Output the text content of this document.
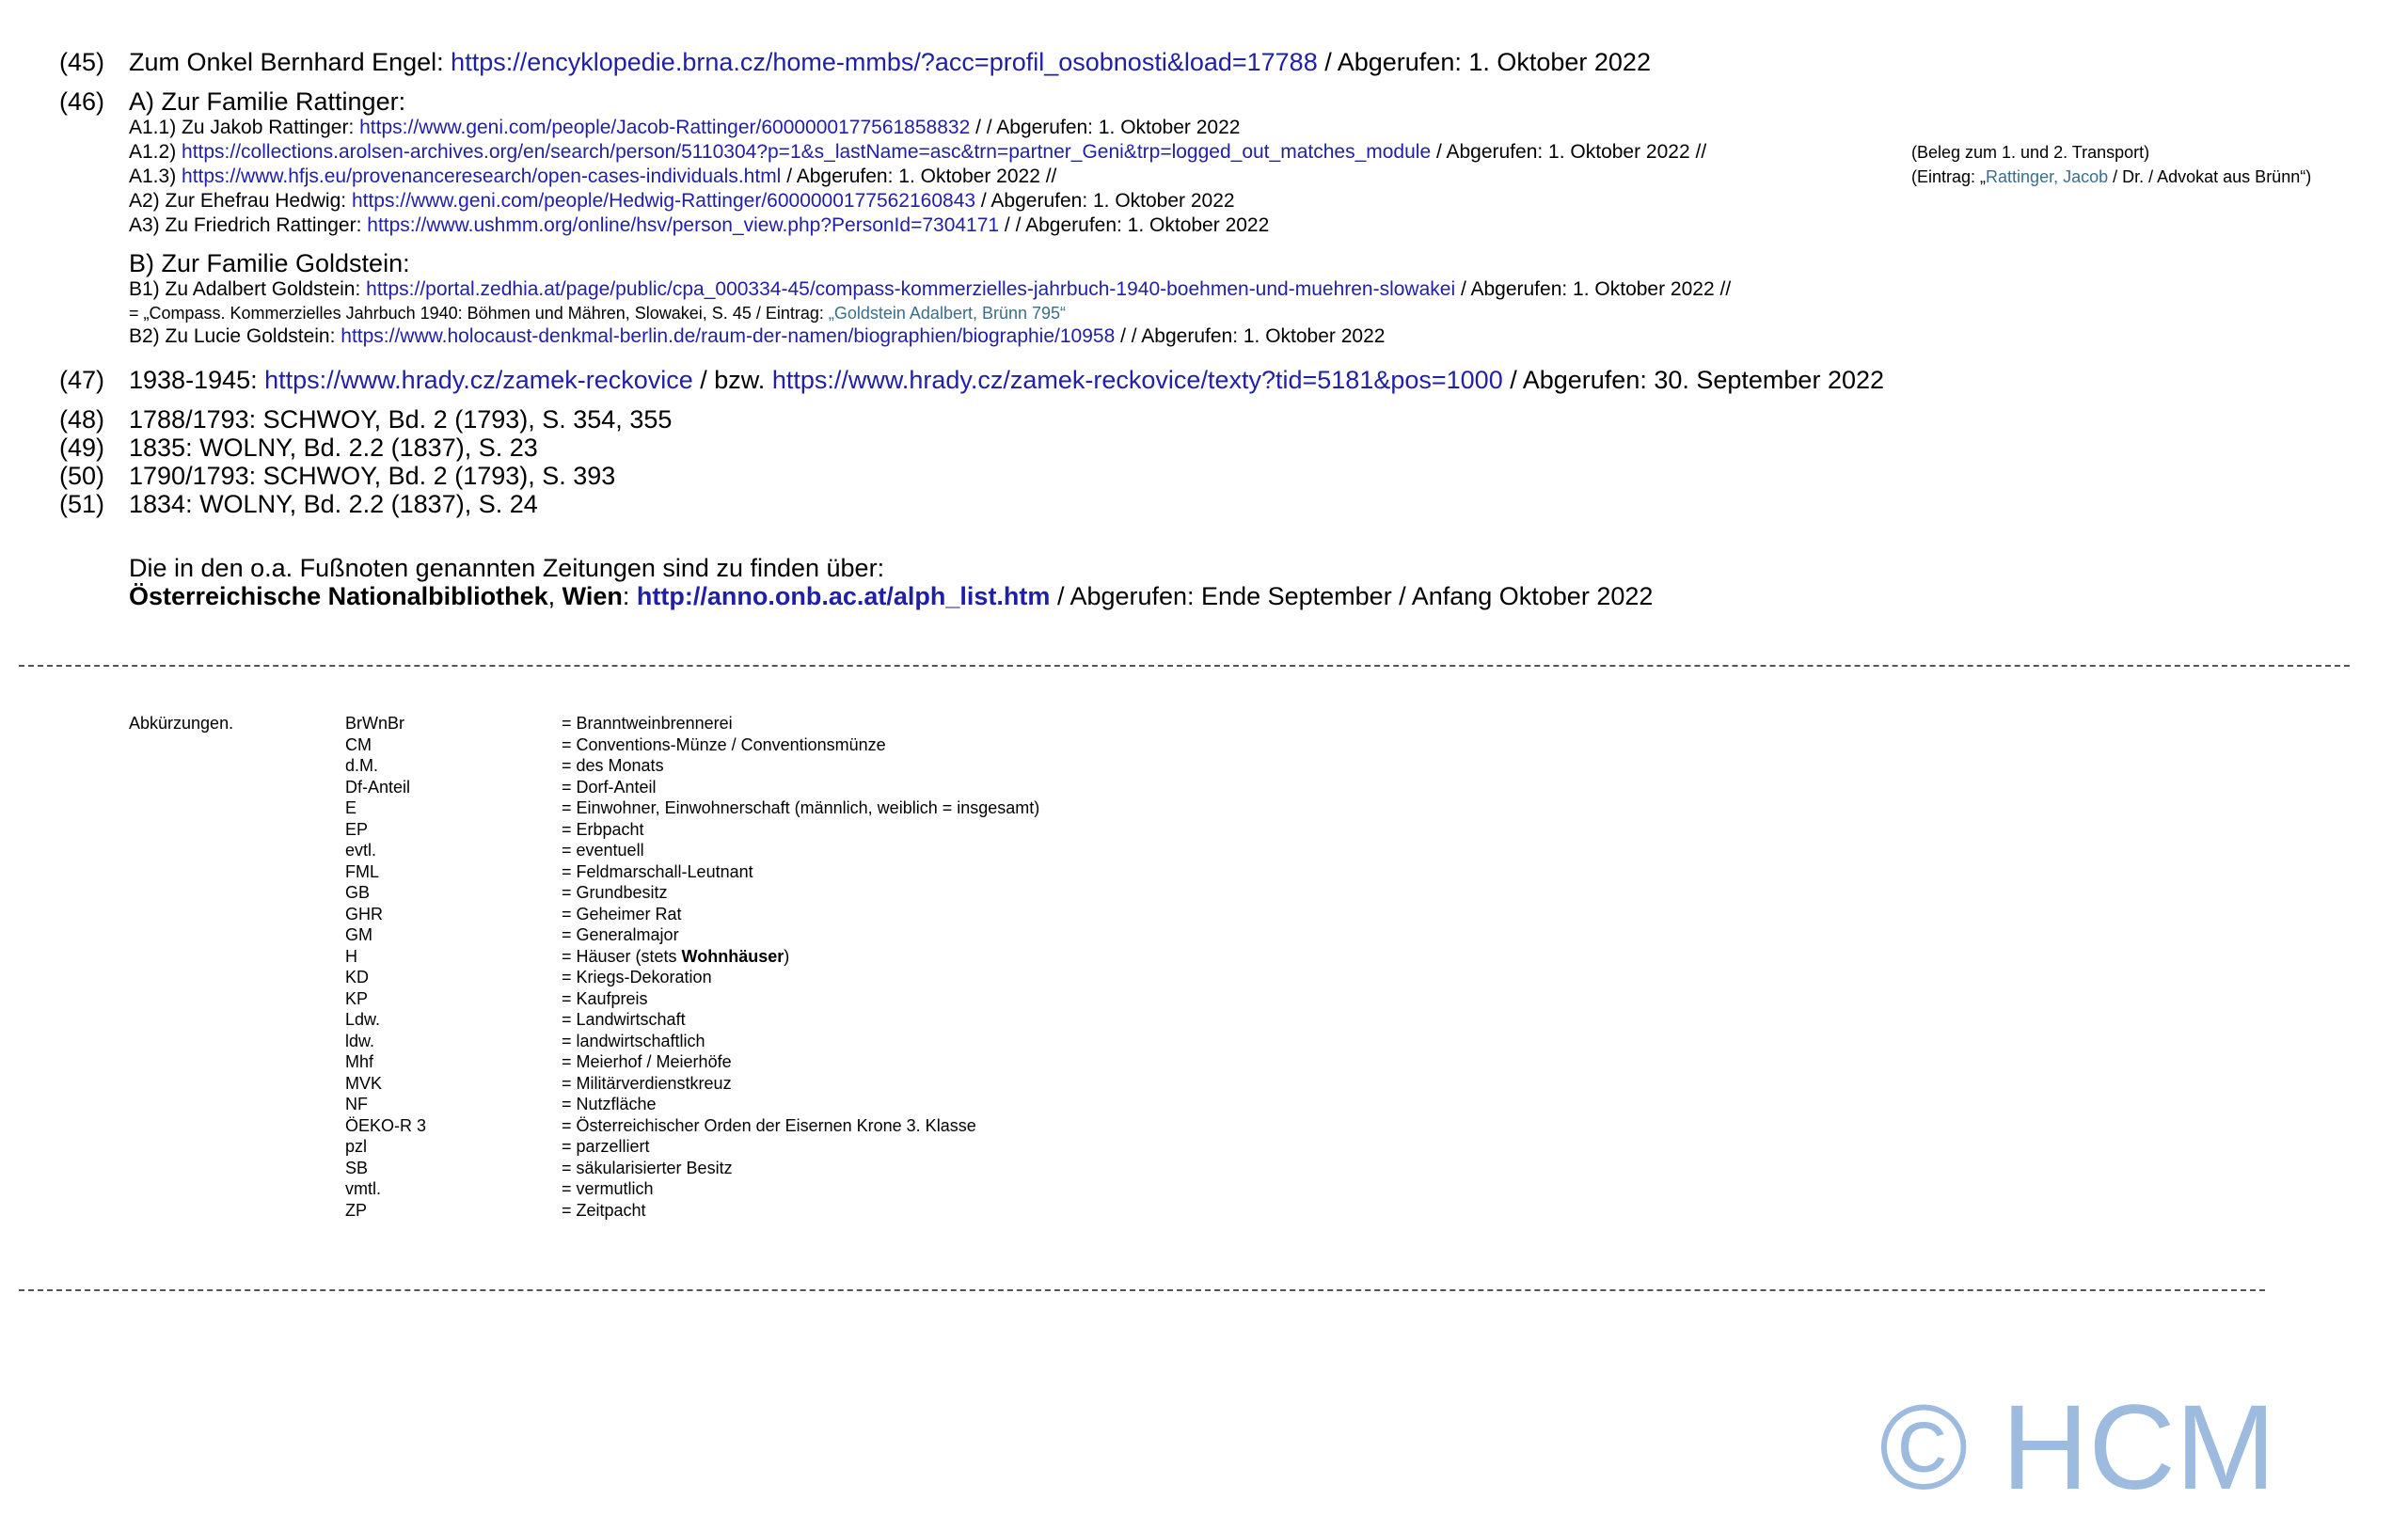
(45) Zum Onkel Bernhard Engel: https://encyklopedie.brna.cz/home-mmbs/?acc=profil_osobnosti&load=17788 / Abgerufen: 1. Oktober 2022
(46) A) Zur Familie Rattinger:
A1.1) Zu Jakob Rattinger: https://www.geni.com/people/Jacob-Rattinger/6000000177561858832 / / Abgerufen: 1. Oktober 2022
A1.2) https://collections.arolsen-archives.org/en/search/person/5110304?p=1&s_lastName=asc&trn=partner_Geni&trp=logged_out_matches_module / Abgerufen: 1. Oktober 2022 //	(Beleg zum 1. und 2. Transport)
A1.3) https://www.hfjs.eu/provenanceresearch/open-cases-individuals.html / Abgerufen: 1. Oktober 2022 //	(Eintrag: „Rattinger, Jacob / Dr. / Advokat aus Brünn“)
A2) Zur Ehefrau Hedwig: https://www.geni.com/people/Hedwig-Rattinger/6000000177562160843 / Abgerufen: 1. Oktober 2022
A3) Zu Friedrich Rattinger: https://www.ushmm.org/online/hsv/person_view.php?PersonId=7304171 / / Abgerufen: 1. Oktober 2022
B) Zur Familie Goldstein:
B1) Zu Adalbert Goldstein: https://portal.zedhia.at/page/public/cpa_000334-45/compass-kommerzielles-jahrbuch-1940-boehmen-und-muehren-slowakei / Abgerufen: 1. Oktober 2022 //
= „Compass. Kommerzielles Jahrbuch 1940: Böhmen und Mähren, Slowakei, S. 45 / Eintrag: „Goldstein Adalbert, Brünn 795“
B2) Zu Lucie Goldstein: https://www.holocaust-denkmal-berlin.de/raum-der-namen/biographien/biographie/10958 / / Abgerufen: 1. Oktober 2022
(47) 1938-1945: https://www.hrady.cz/zamek-reckovice / bzw. https://www.hrady.cz/zamek-reckovice/texty?tid=5181&pos=1000 / Abgerufen: 30. September 2022
(48) 1788/1793: SCHWOY, Bd. 2 (1793), S. 354, 355
(49) 1835: WOLNY, Bd. 2.2 (1837), S. 23
(50) 1790/1793: SCHWOY, Bd. 2 (1793), S. 393
(51) 1834: WOLNY, Bd. 2.2 (1837), S. 24
Die in den o.a. Fußnoten genannten Zeitungen sind zu finden über:
Österreichische Nationalbibliothek, Wien: http://anno.onb.ac.at/alph_list.htm / Abgerufen: Ende September / Anfang Oktober 2022
Abkürzungen.	BrWnBr	= Branntweinbrennerei
CM	= Conventions-Münze / Conventionsmünze
d.M.	= des Monats
Df-Anteil	= Dorf-Anteil
E	= Einwohner, Einwohnerschaft (männlich, weiblich = insgesamt)
EP	= Erbpacht
evtl.	= eventuell
FML	= Feldmarschall-Leutnant
GB	= Grundbesitz
GHR	= Geheimer Rat
GM	= Generalmajor
H	= Häuser (stets Wohnhäuser)
KD	= Kriegs-Dekoration
KP	= Kaufpreis
Ldw.	= Landwirtschaft
ldw.	= landwirtschaftlich
Mhf	= Meierhof / Meierhöfe
MVK	= Militärverdienstkreuz
NF	= Nutzfläche
ÖEKO-R 3	= Österreichischer Orden der Eisernen Krone 3. Klasse
pzl	= parzelliert
SB	= säkularisierter Besitz
vmtl.	= vermutlich
ZP	= Zeitpacht
© HCM
